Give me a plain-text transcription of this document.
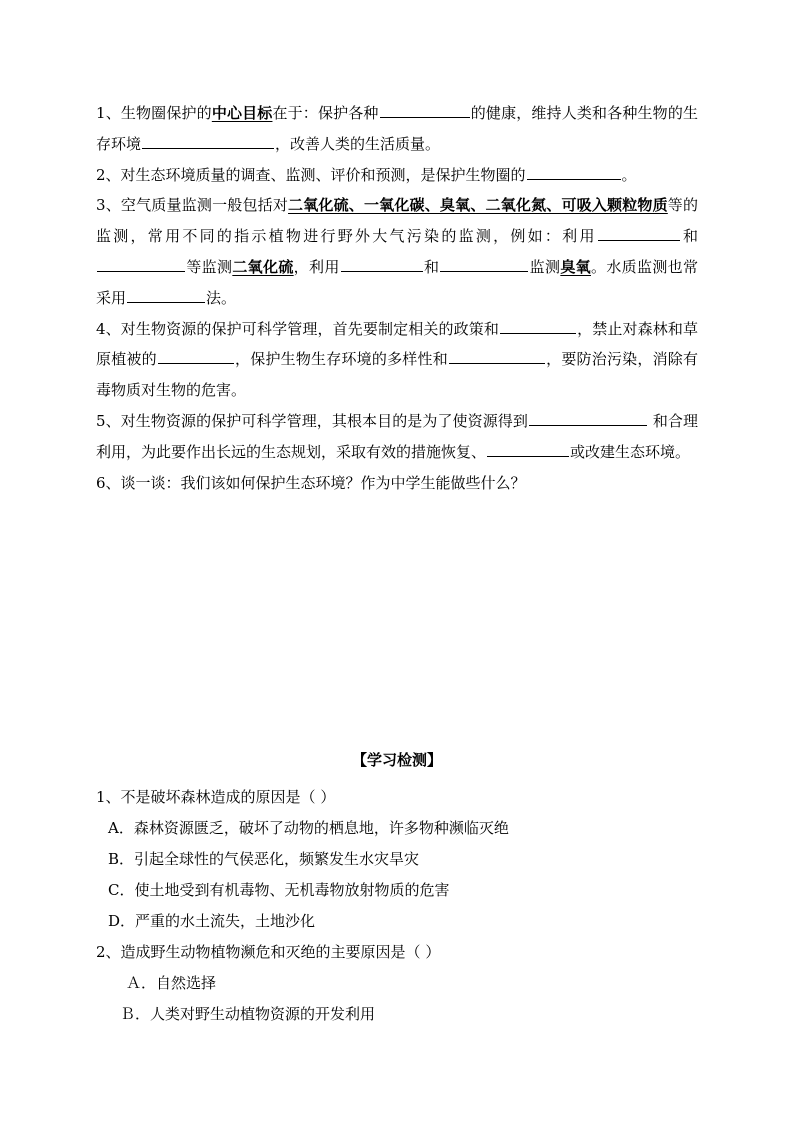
1、生物圈保护的中心目标在于：保护各种	的健康，维持人类和各种生物的生存环境	，改善人类的生活质量。

2、对生态环境质量的调查、监测、评价和预测，是保护生物圈的	。

3、空气质量监测一般包括对二氧化硫、一氧化碳、臭氧、二氧化氮、可吸入颗粒物质等的监测，常用不同的指示植物进行野外大气污染的监测，例如：利用	和等监测二氧化硫，利用	和	监测臭氧。水质监测也常采用	法。

4、对生物资源的保护可科学管理，首先要制定相关的政策和	，禁止对森林和草原植被的	，保护生物生存环境的多样性和	，要防治污染，消除有毒物质对生物的危害。

5、对生物资源的保护可科学管理，其根本目的是为了使资源得到	和合理利用，为此要作出长远的生态规划，采取有效的措施恢复、	或改建生态环境。

6、谈一谈：我们该如何保护生态环境？作为中学生能做些什么？

【学习检测】

1、不是破坏森林造成的原因是（ ）

A．森林资源匮乏，破坏了动物的栖息地，许多物种濒临灭绝

B．引起全球性的气侯恶化，频繁发生水灾旱灾

C．使土地受到有机毒物、无机毒物放射物质的危害

D．严重的水土流失，土地沙化

2、造成野生动物植物濒危和灭绝的主要原因是（ ）

Ａ．自然选择

Ｂ．人类对野生动植物资源的开发利用
